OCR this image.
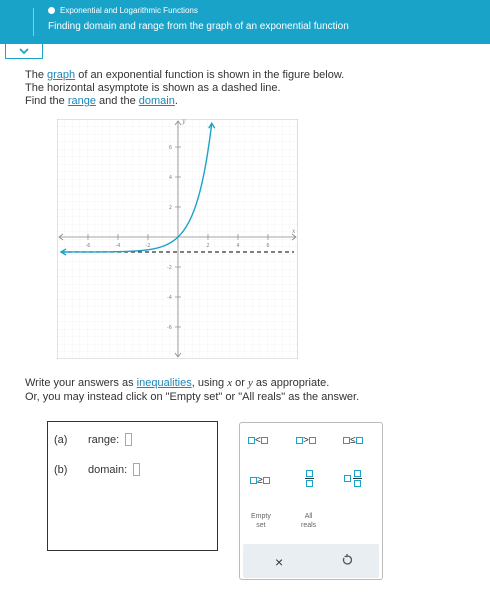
Exponential and Logarithmic Functions
Finding domain and range from the graph of an exponential function
The graph of an exponential function is shown in the figure below.
The horizontal asymptote is shown as a dashed line.
Find the range and the domain.
-6	-4	-2	2	4	6
6
4
2
-2
-4
-6
x
y
Write your answers as inequalities, using x or y as appropriate.
Or, you may instead click on "Empty set" or "All reals" as the answer.
(a)	range:
(b)	domain:
<	>	≤
≥
Empty
set
All
reals
×
